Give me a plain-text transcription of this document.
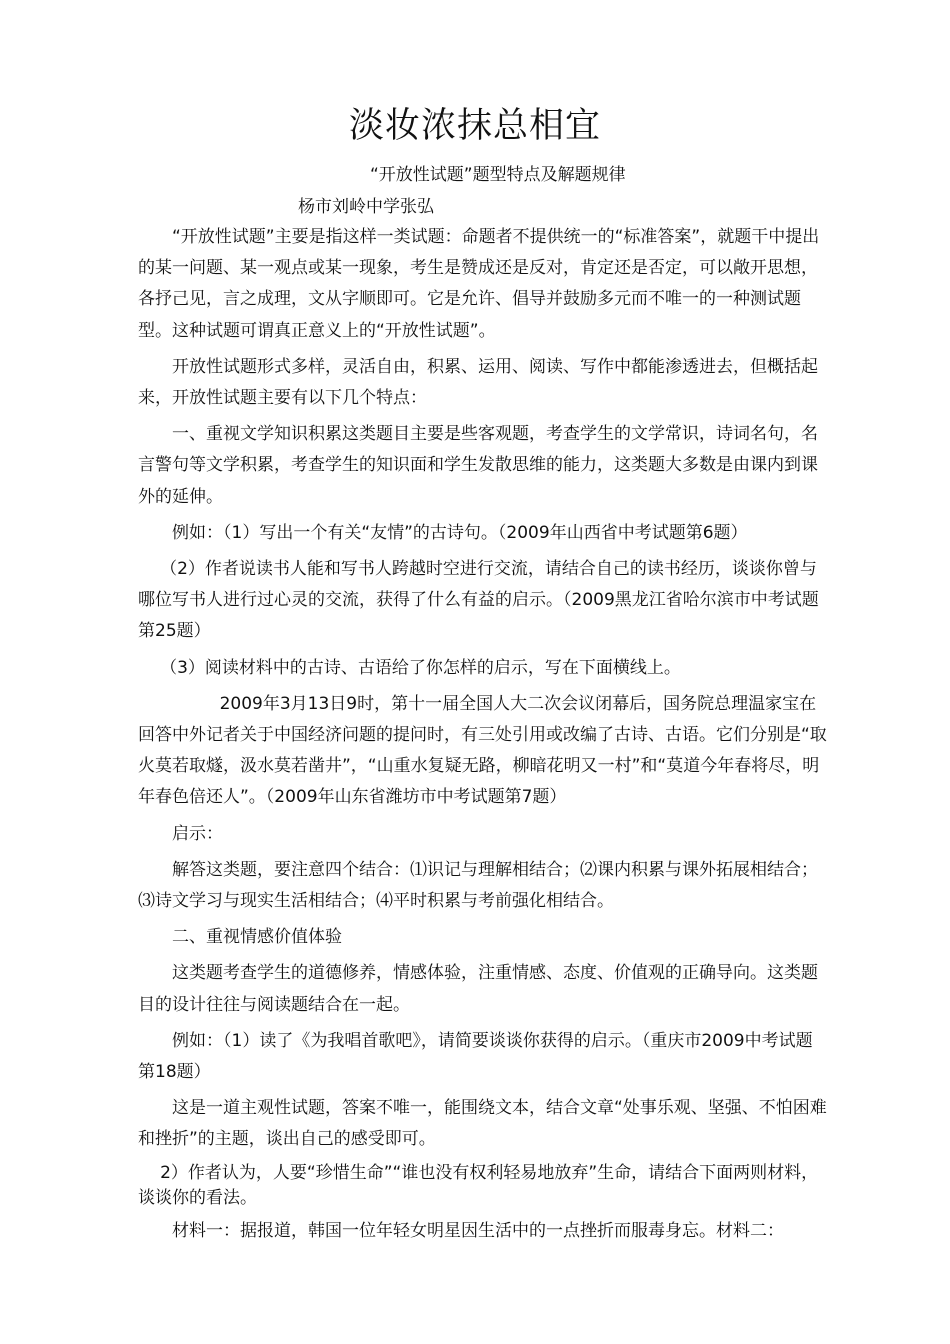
淡妆浓抹总相宜
“开放性试题”题型特点及解题规律
杨市刘岭中学张弘

“开放性试题”主要是指这样一类试题：命题者不提供统一的“标准答案”，就题干中提出的某一问题、某一观点或某一现象，考生是赞成还是反对，肯定还是否定，可以敞开思想，各抒己见，言之成理，文从字顺即可。它是允许、倡导并鼓励多元而不唯一的一种测试题型。这种试题可谓真正意义上的“开放性试题”。

开放性试题形式多样，灵活自由，积累、运用、阅读、写作中都能渗透进去，但概括起来，开放性试题主要有以下几个特点：

一、重视文学知识积累这类题目主要是些客观题，考查学生的文学常识，诗词名句，名言警句等文学积累，考查学生的知识面和学生发散思维的能力，这类题大多数是由课内到课外的延伸。

例如：（1）写出一个有关“友情”的古诗句。（2009年山西省中考试题第6题）

（2）作者说读书人能和写书人跨越时空进行交流，请结合自己的读书经历，谈谈你曾与哪位写书人进行过心灵的交流，获得了什么有益的启示。（2009黑龙江省哈尔滨市中考试题第25题）

（3）阅读材料中的古诗、古语给了你怎样的启示，写在下面横线上。

2009年3月13日9时，第十一届全国人大二次会议闭幕后，国务院总理温家宝在回答中外记者关于中国经济问题的提问时，有三处引用或改编了古诗、古语。它们分别是“取火莫若取燧，汲水莫若凿井”，“山重水复疑无路，柳暗花明又一村”和“莫道今年春将尽，明年春色倍还人”。（2009年山东省潍坊市中考试题第7题）

启示：

解答这类题，要注意四个结合：⑴识记与理解相结合；⑵课内积累与课外拓展相结合；⑶诗文学习与现实生活相结合；⑷平时积累与考前强化相结合。

二、重视情感价值体验

这类题考查学生的道德修养，情感体验，注重情感、态度、价值观的正确导向。这类题目的设计往往与阅读题结合在一起。

例如：（1）读了《为我唱首歌吧》，请简要谈谈你获得的启示。（重庆市2009中考试题第18题）

这是一道主观性试题，答案不唯一，能围绕文本，结合文章“处事乐观、坚强、不怕困难和挫折”的主题，谈出自己的感受即可。

2）作者认为，人要“珍惜生命”“谁也没有权利轻易地放弃”生命，请结合下面两则材料，谈谈你的看法。

材料一：据报道，韩国一位年轻女明星因生活中的一点挫折而服毒身忘。材料二：
